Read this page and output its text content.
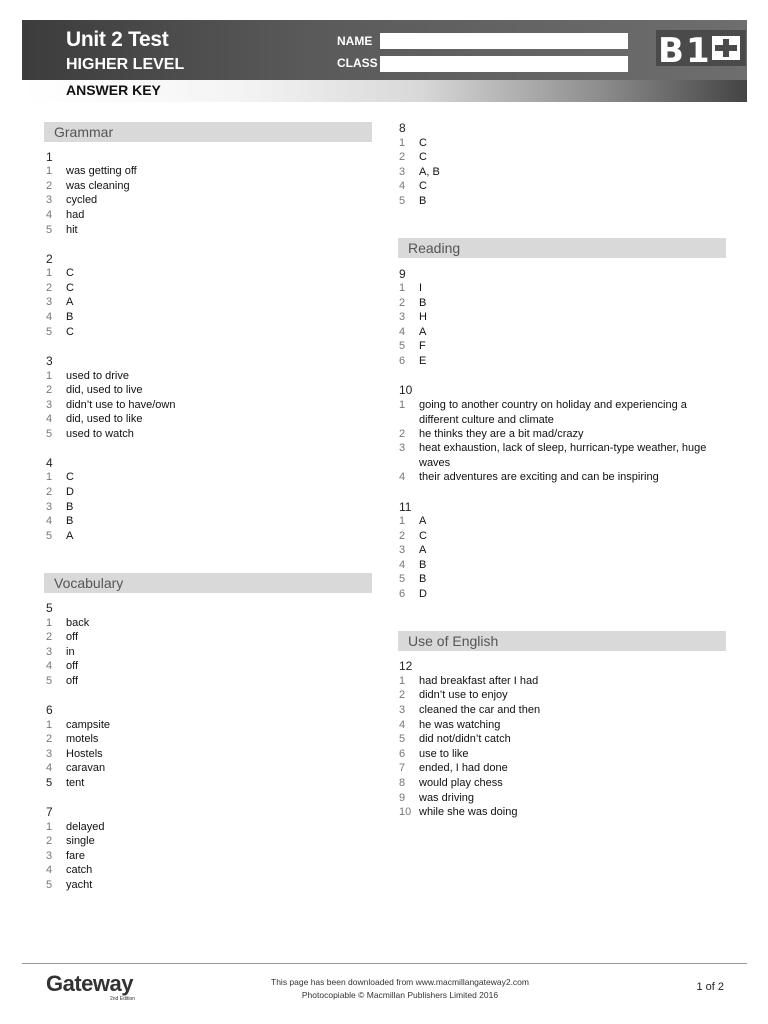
Unit 2 Test
HIGHER LEVEL
ANSWER KEY
NAME
CLASS	B 1
Grammar
1
1	was getting off
2	was cleaning
3	cycled
4	had
5	hit
2
1	C
2	C
3	A
4	B
5	C
3
1	used to drive
2	did, used to live
3	didn’t use to have/own
4	did, used to like
5	used to watch
4
1	C
2	D
3	B
4	B
5	A
Vocabulary
5
1	back
2	off
3	in
4	off
5	off
6
1	campsite
2	motels
3	Hostels
4	caravan
5	tent
7
1	delayed
2	single
3	fare
4	catch
5	yacht
8
1	C
2	C
3	A, B
4	C
5	B
Reading
9
1	I
2	B
3	H
4	A
5	F
6	E
10
1	going to another country on holiday and experiencing a different culture and climate
2	he thinks they are a bit mad/crazy
3	heat exhaustion, lack of sleep, hurrican-type weather, huge waves
4	their adventures are exciting and can be inspiring
11
1	A
2	C
3	A
4	B
5	B
6	D
Use of English
12
1	had breakfast after I had
2	didn’t use to enjoy
3	cleaned the car and then
4	he was watching
5	did not/didn’t catch
6	use to like
7	ended, I had done
8	would play chess
9	was driving
10 while she was doing
Gateway
2nd Edition
This page has been downloaded from www.macmillangateway2.com
Photocopiable © Macmillan Publishers Limited 2016
1 of 2
